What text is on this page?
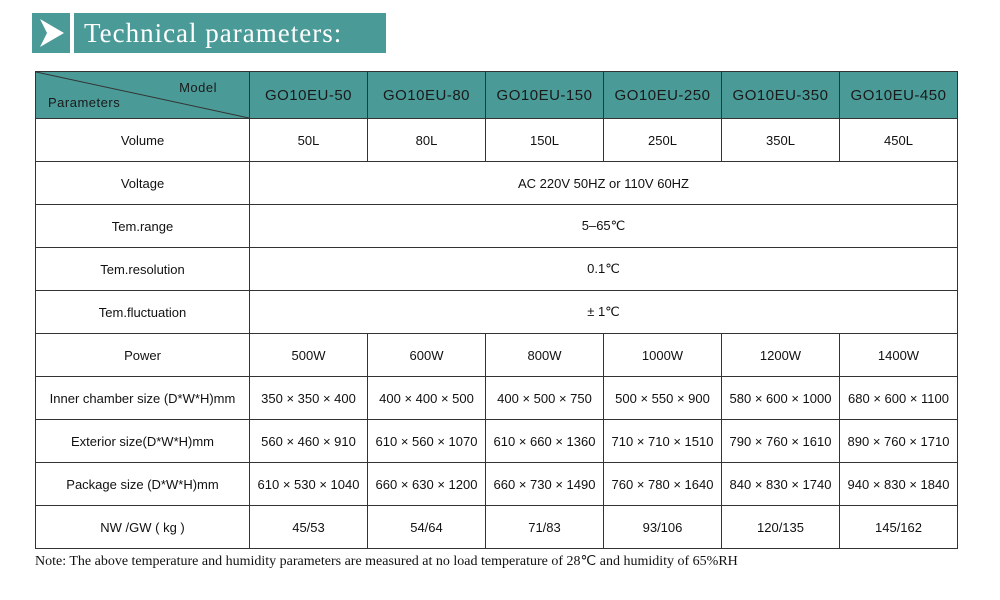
Technical parameters:
Model
Parameters	GO10EU-50	GO10EU-80	GO10EU-150	GO10EU-250	GO10EU-350	GO10EU-450
Volume	50L	80L	150L	250L	350L	450L
Voltage	AC 220V 50HZ or 110V 60HZ					
Tem.range	5–65℃					
Tem.resolution	0.1℃					
Tem.fluctuation	± 1℃					
Power	500W	600W	800W	1000W	1200W	1400W
Inner chamber size (D*W*H)mm	350 × 350 × 400	400 × 400 × 500	400 × 500 × 750	500 × 550 × 900	580 × 600 × 1000	680 × 600 × 1100
Exterior size(D*W*H)mm	560 × 460 × 910	610 × 560 × 1070	610 × 660 × 1360	710 × 710 × 1510	790 × 760 × 1610	890 × 760 × 1710
Package size (D*W*H)mm	610 × 530 × 1040	660 × 630 × 1200	660 × 730 × 1490	760 × 780 × 1640	840 × 830 × 1740	940 × 830 × 1840
NW /GW ( kg )	45/53	54/64	71/83	93/106	120/135	145/162
Note: The above temperature and humidity parameters are measured at no load temperature of 28℃ and humidity of 65%RH
